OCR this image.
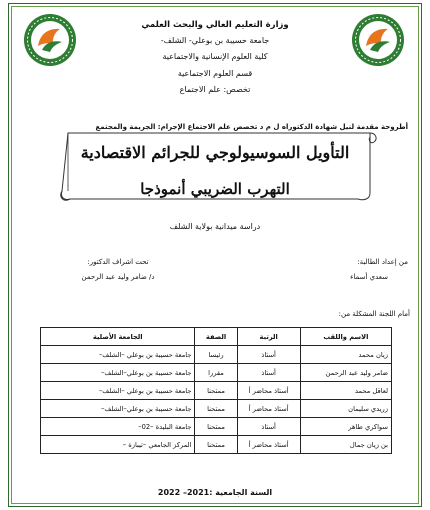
وزارة التعليم العالي والبحث العلمي
جامعة حسيبة بن بوعلي- الشلف-
كلية العلوم الإنسانية والاجتماعية
قسم العلوم الاجتماعية
تخصص: علم الاجتماع
أطروحة مقدمة لنيل شهادة الدكتوراه ل م د تخصص علم الاجتماع الإجرام: الجريمة والمجتمع
التأويل السوسيولوجي للجرائم الاقتصادية
التهرب الضريبي أنموذجا
دراسة ميدانية بولاية الشلف
من إعداد الطالبة:
سعدي أسماء
تحت اشراف الدكتور:
د/ ضامر وليد عبد الرحمن
أمام اللجنة المشكلة من:
الاسم واللقب	الرتبة	الصفة	الجامعة الأصلية
زيان محمد	أستاذ	رئيسا	جامعة حسيبة بن بوعلي –الشلف–
ضامر وليد عبد الرحمن	أستاذ	مقررا	جامعة حسيبة بن بوعلي–الشلف–
لعاقل محمد	أستاذ محاضر أ	ممتحنا	جامعة حسيبة بن بوعلي –الشلف–
زريدي سليمان	أستاذ محاضر أ	ممتحنا	جامعة حسيبة بن بوعلي–الشلف–
سواكري طاهر	أستاذ	ممتحنا	جامعة البليدة –02–
بن زيان جمال	أستاذ محاضر أ	ممتحنا	المركز الجامعي –تيبازة –
السنة الجامعية :2021– 2022
